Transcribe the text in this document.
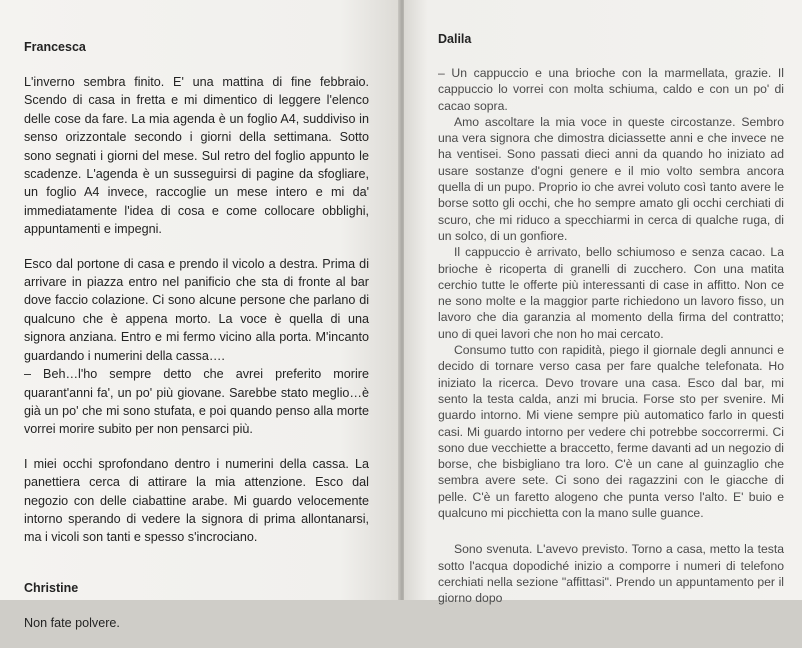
Francesca

L'inverno sembra finito. E' una mattina di fine febbraio. Scendo di casa in fretta e mi dimentico di leggere l'elenco delle cose da fare. La mia agenda è un foglio A4, suddiviso in senso orizzontale secondo i giorni della settimana. Sotto sono segnati i giorni del mese. Sul retro del foglio appunto le scadenze. L'agenda è un susseguirsi di pagine da sfogliare, un foglio A4 invece, raccoglie un mese intero e mi da' immediatamente l'idea di cosa e come collocare obblighi, appuntamenti e impegni.

Esco dal portone di casa e prendo il vicolo a destra. Prima di arrivare in piazza entro nel panificio che sta di fronte al bar dove faccio colazione. Ci sono alcune persone che parlano di qualcuno che è appena morto. La voce è quella di una signora anziana. Entro e mi fermo vicino alla porta. M'incanto guardando i numerini della cassa….

– Beh…l'ho sempre detto che avrei preferito morire quarant'anni fa', un po' più giovane. Sarebbe stato meglio…è già un po' che mi sono stufata, e poi quando penso alla morte vorrei morire subito per non pensarci più.

I miei occhi sprofondano dentro i numerini della cassa. La panettiera cerca di attirare la mia attenzione. Esco dal negozio con delle ciabattine arabe. Mi guardo velocemente intorno sperando di vedere la signora di prima allontanarsi, ma i vicoli son tanti e spesso s'incrociano.

Christine

Non fate polvere.

Dalila

– Un cappuccio e una brioche con la marmellata, grazie. Il cappuccio lo vorrei con molta schiuma, caldo e con un po' di cacao sopra.

Amo ascoltare la mia voce in queste circostanze. Sembro una vera signora che dimostra diciassette anni e che invece ne ha ventisei. Sono passati dieci anni da quando ho iniziato ad usare sostanze d'ogni genere e il mio volto sembra ancora quella di un pupo. Proprio io che avrei voluto così tanto avere le borse sotto gli occhi, che ho sempre amato gli occhi cerchiati di scuro, che mi riduco a specchiarmi in cerca di qualche ruga, di un solco, di un gonfiore.

Il cappuccio è arrivato, bello schiumoso e senza cacao. La brioche è ricoperta di granelli di zucchero. Con una matita cerchio tutte le offerte più interessanti di case in affitto. Non ce ne sono molte e la maggior parte richiedono un lavoro fisso, un lavoro che dia garanzia al momento della firma del contratto; uno di quei lavori che non ho mai cercato.

Consumo tutto con rapidità, piego il giornale degli annunci e decido di tornare verso casa per fare qualche telefonata. Ho iniziato la ricerca. Devo trovare una casa. Esco dal bar, mi sento la testa calda, anzi mi brucia. Forse sto per svenire. Mi guardo intorno. Mi viene sempre più automatico farlo in questi casi. Mi guardo intorno per vedere chi potrebbe soccorrermi. Ci sono due vecchiette a braccetto, ferme davanti ad un negozio di borse, che bisbigliano tra loro. C'è un cane al guinzaglio che sembra avere sete. Ci sono dei ragazzini con le giacche di pelle. C'è un faretto alogeno che punta verso l'alto. E' buio e qualcuno mi picchietta con la mano sulle guance.

Sono svenuta. L'avevo previsto. Torno a casa, metto la testa sotto l'acqua dopodiché inizio a comporre i numeri di telefono cerchiati nella sezione "affittasi". Prendo un appuntamento per il giorno dopo
